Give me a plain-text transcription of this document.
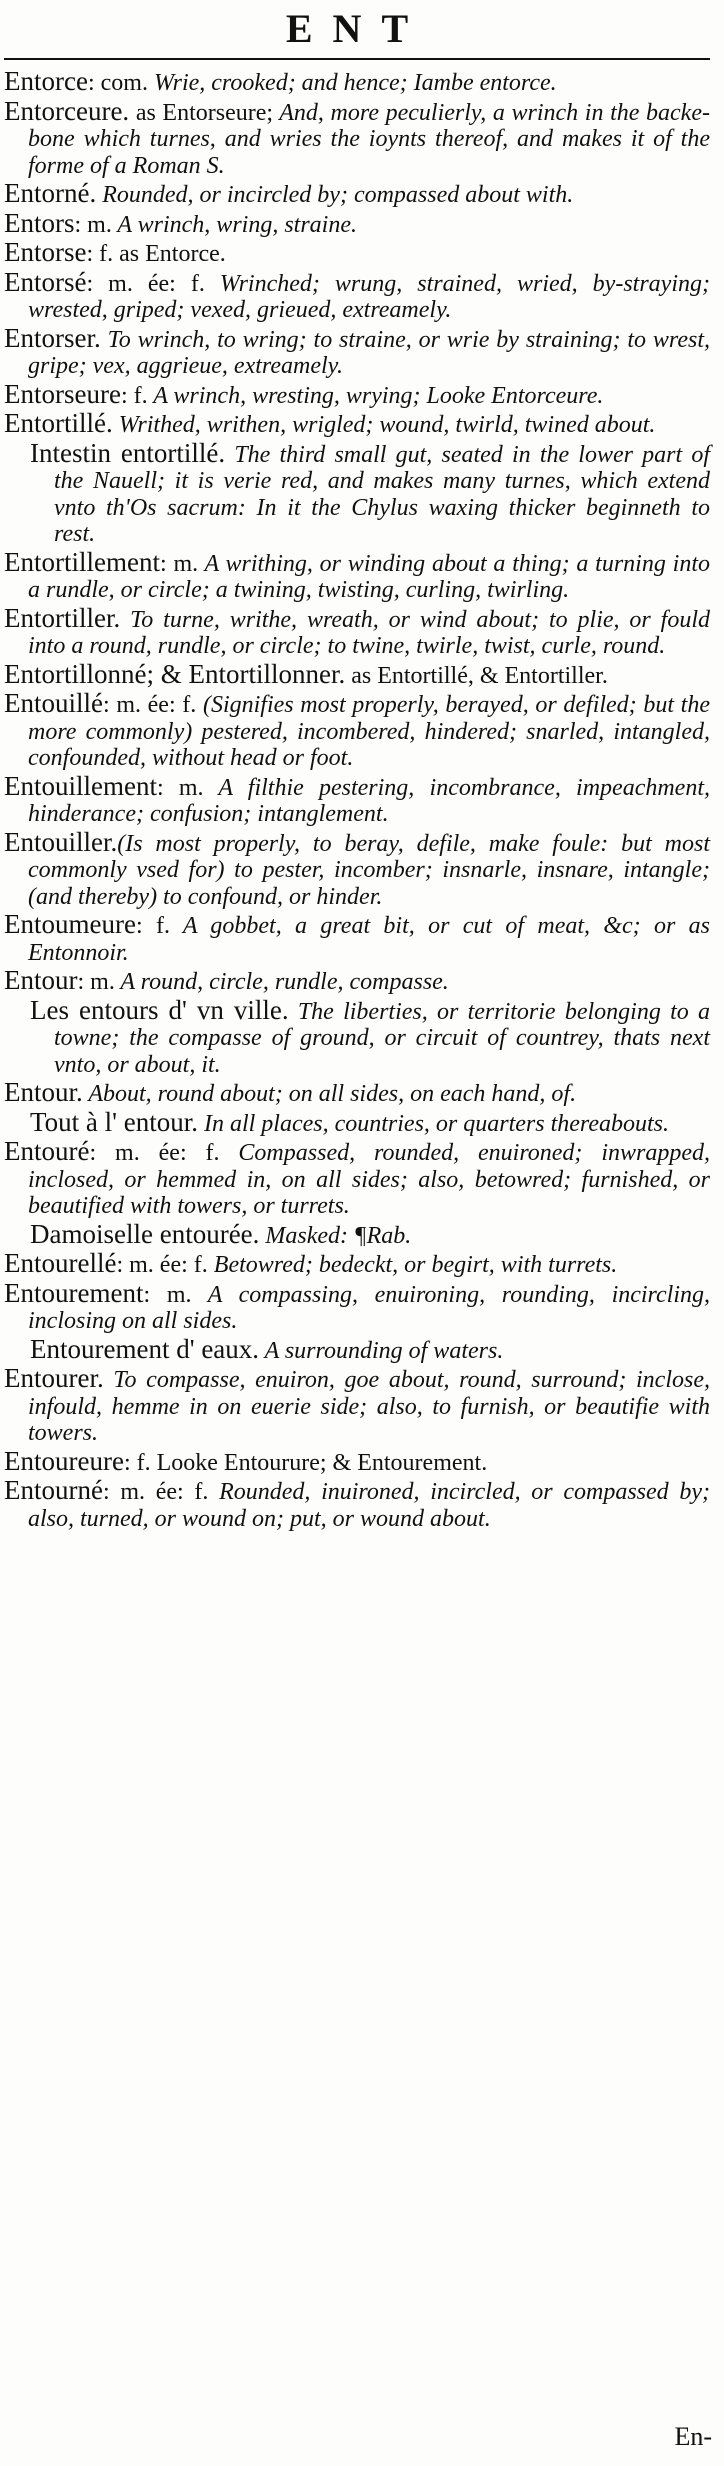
ENT

Entorce: com. Wrie, crooked; and hence; Iambe entorce.

Entorceure. as Entorseure; And, more peculierly, a wrinch in the backe-bone which turnes, and wries the ioynts thereof, and makes it of the forme of a Roman S.

Entorné. Rounded, or incircled by; compassed about with.

Entors: m. A wrinch, wring, straine.

Entorse: f. as Entorce.

Entorsé: m. ée: f. Wrinched; wrung, strained, wried, by-straying; wrested, griped; vexed, grieued, extreamely.

Entorser. To wrinch, to wring; to straine, or wrie by straining; to wrest, gripe; vex, aggrieue, extreamely.

Entorseure: f. A wrinch, wresting, wrying; Looke Entorceure.

Entortillé. Writhed, writhen, wrigled; wound, twirld, twined about.

Intestin entortillé. The third small gut, seated in the lower part of the Nauell; it is verie red, and makes many turnes, which extend vnto th'Os sacrum: In it the Chylus waxing thicker beginneth to rest.

Entortillement: m. A writhing, or winding about a thing; a turning into a rundle, or circle; a twining, twisting, curling, twirling.

Entortiller. To turne, writhe, wreath, or wind about; to plie, or fould into a round, rundle, or circle; to twine, twirle, twist, curle, round.

Entortillonné; & Entortillonner. as Entortillé, & Entortiller.

Entouillé: m. ée: f. (Signifies most properly, berayed, or defiled; but the more commonly) pestered, incombered, hindered; snarled, intangled, confounded, without head or foot.

Entouillement: m. A filthie pestering, incombrance, impeachment, hinderance; confusion; intanglement.

Entouiller.(Is most properly, to beray, defile, make foule: but most commonly vsed for) to pester, incomber; insnarle, insnare, intangle; (and thereby) to confound, or hinder.

Entoumeure: f. A gobbet, a great bit, or cut of meat, &c; or as Entonnoir.

Entour: m. A round, circle, rundle, compasse.

Les entours d' vn ville. The liberties, or territorie belonging to a towne; the compasse of ground, or circuit of countrey, thats next vnto, or about, it.

Entour. About, round about; on all sides, on each hand, of.

Tout à l' entour. In all places, countries, or quarters thereabouts.

Entouré: m. ée: f. Compassed, rounded, enuironed; inwrapped, inclosed, or hemmed in, on all sides; also, betowred; furnished, or beautified with towers, or turrets.

Damoiselle entourée. Masked: ¶Rab.

Entourellé: m. ée: f. Betowred; bedeckt, or begirt, with turrets.

Entourement: m. A compassing, enuironing, rounding, incircling, inclosing on all sides.

Entourement d' eaux. A surrounding of waters.

Entourer. To compasse, enuiron, goe about, round, surround; inclose, infould, hemme in on euerie side; also, to furnish, or beautifie with towers.

Entoureure: f. Looke Entourure; & Entourement.

Entourné: m. ée: f. Rounded, inuironed, incircled, or compassed by; also, turned, or wound on; put, or wound about.

En-
